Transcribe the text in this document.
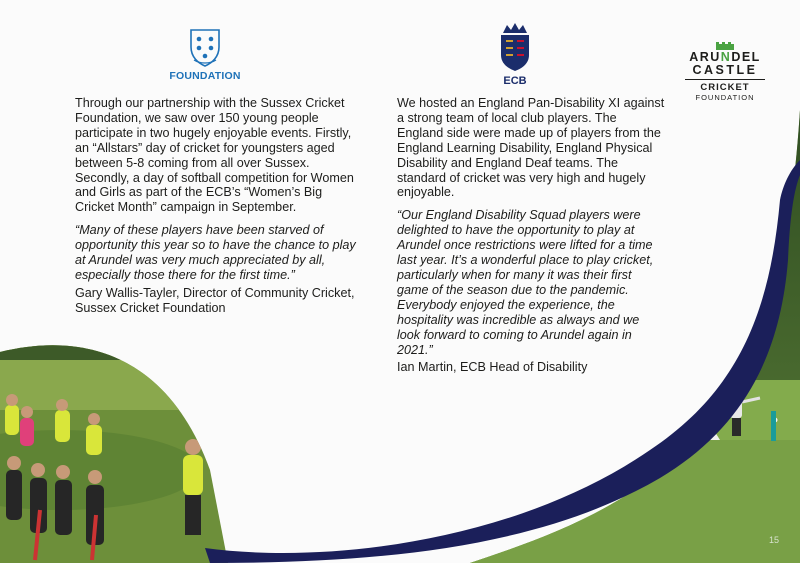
FOUNDATION	ECB
ARUNDEL
CASTLE
CRICKET
FOUNDATION

Through our partnership with the Sussex Cricket Foundation, we saw over 150 young people participate in two hugely enjoyable events. Firstly, an “Allstars” day of cricket for youngsters aged between 5-8 coming from all over Sussex. Secondly, a day of softball competition for Women and Girls as part of the ECB’s “Women’s Big Cricket Month” campaign in September.

“Many of these players have been starved of opportunity this year so to have the chance to play at Arundel was very much appreciated by all, especially those there for the first time.”

Gary Wallis-Tayler, Director of Community Cricket, Sussex Cricket Foundation

We hosted an England Pan-Disability XI against a strong team of local club players. The England side were made up of players from the England Learning Disability, England Physical Disability and England Deaf teams. The standard of cricket was very high and hugely enjoyable.

“Our England Disability Squad players were delighted to have the opportunity to play at Arundel once restrictions were lifted for a time last year. It’s a wonderful place to play cricket, particularly when for many it was their first game of the season due to the pandemic. Everybody enjoyed the experience, the hospitality was incredible as always and we look forward to coming to Arundel again in 2021.”

Ian Martin, ECB Head of Disability

15
